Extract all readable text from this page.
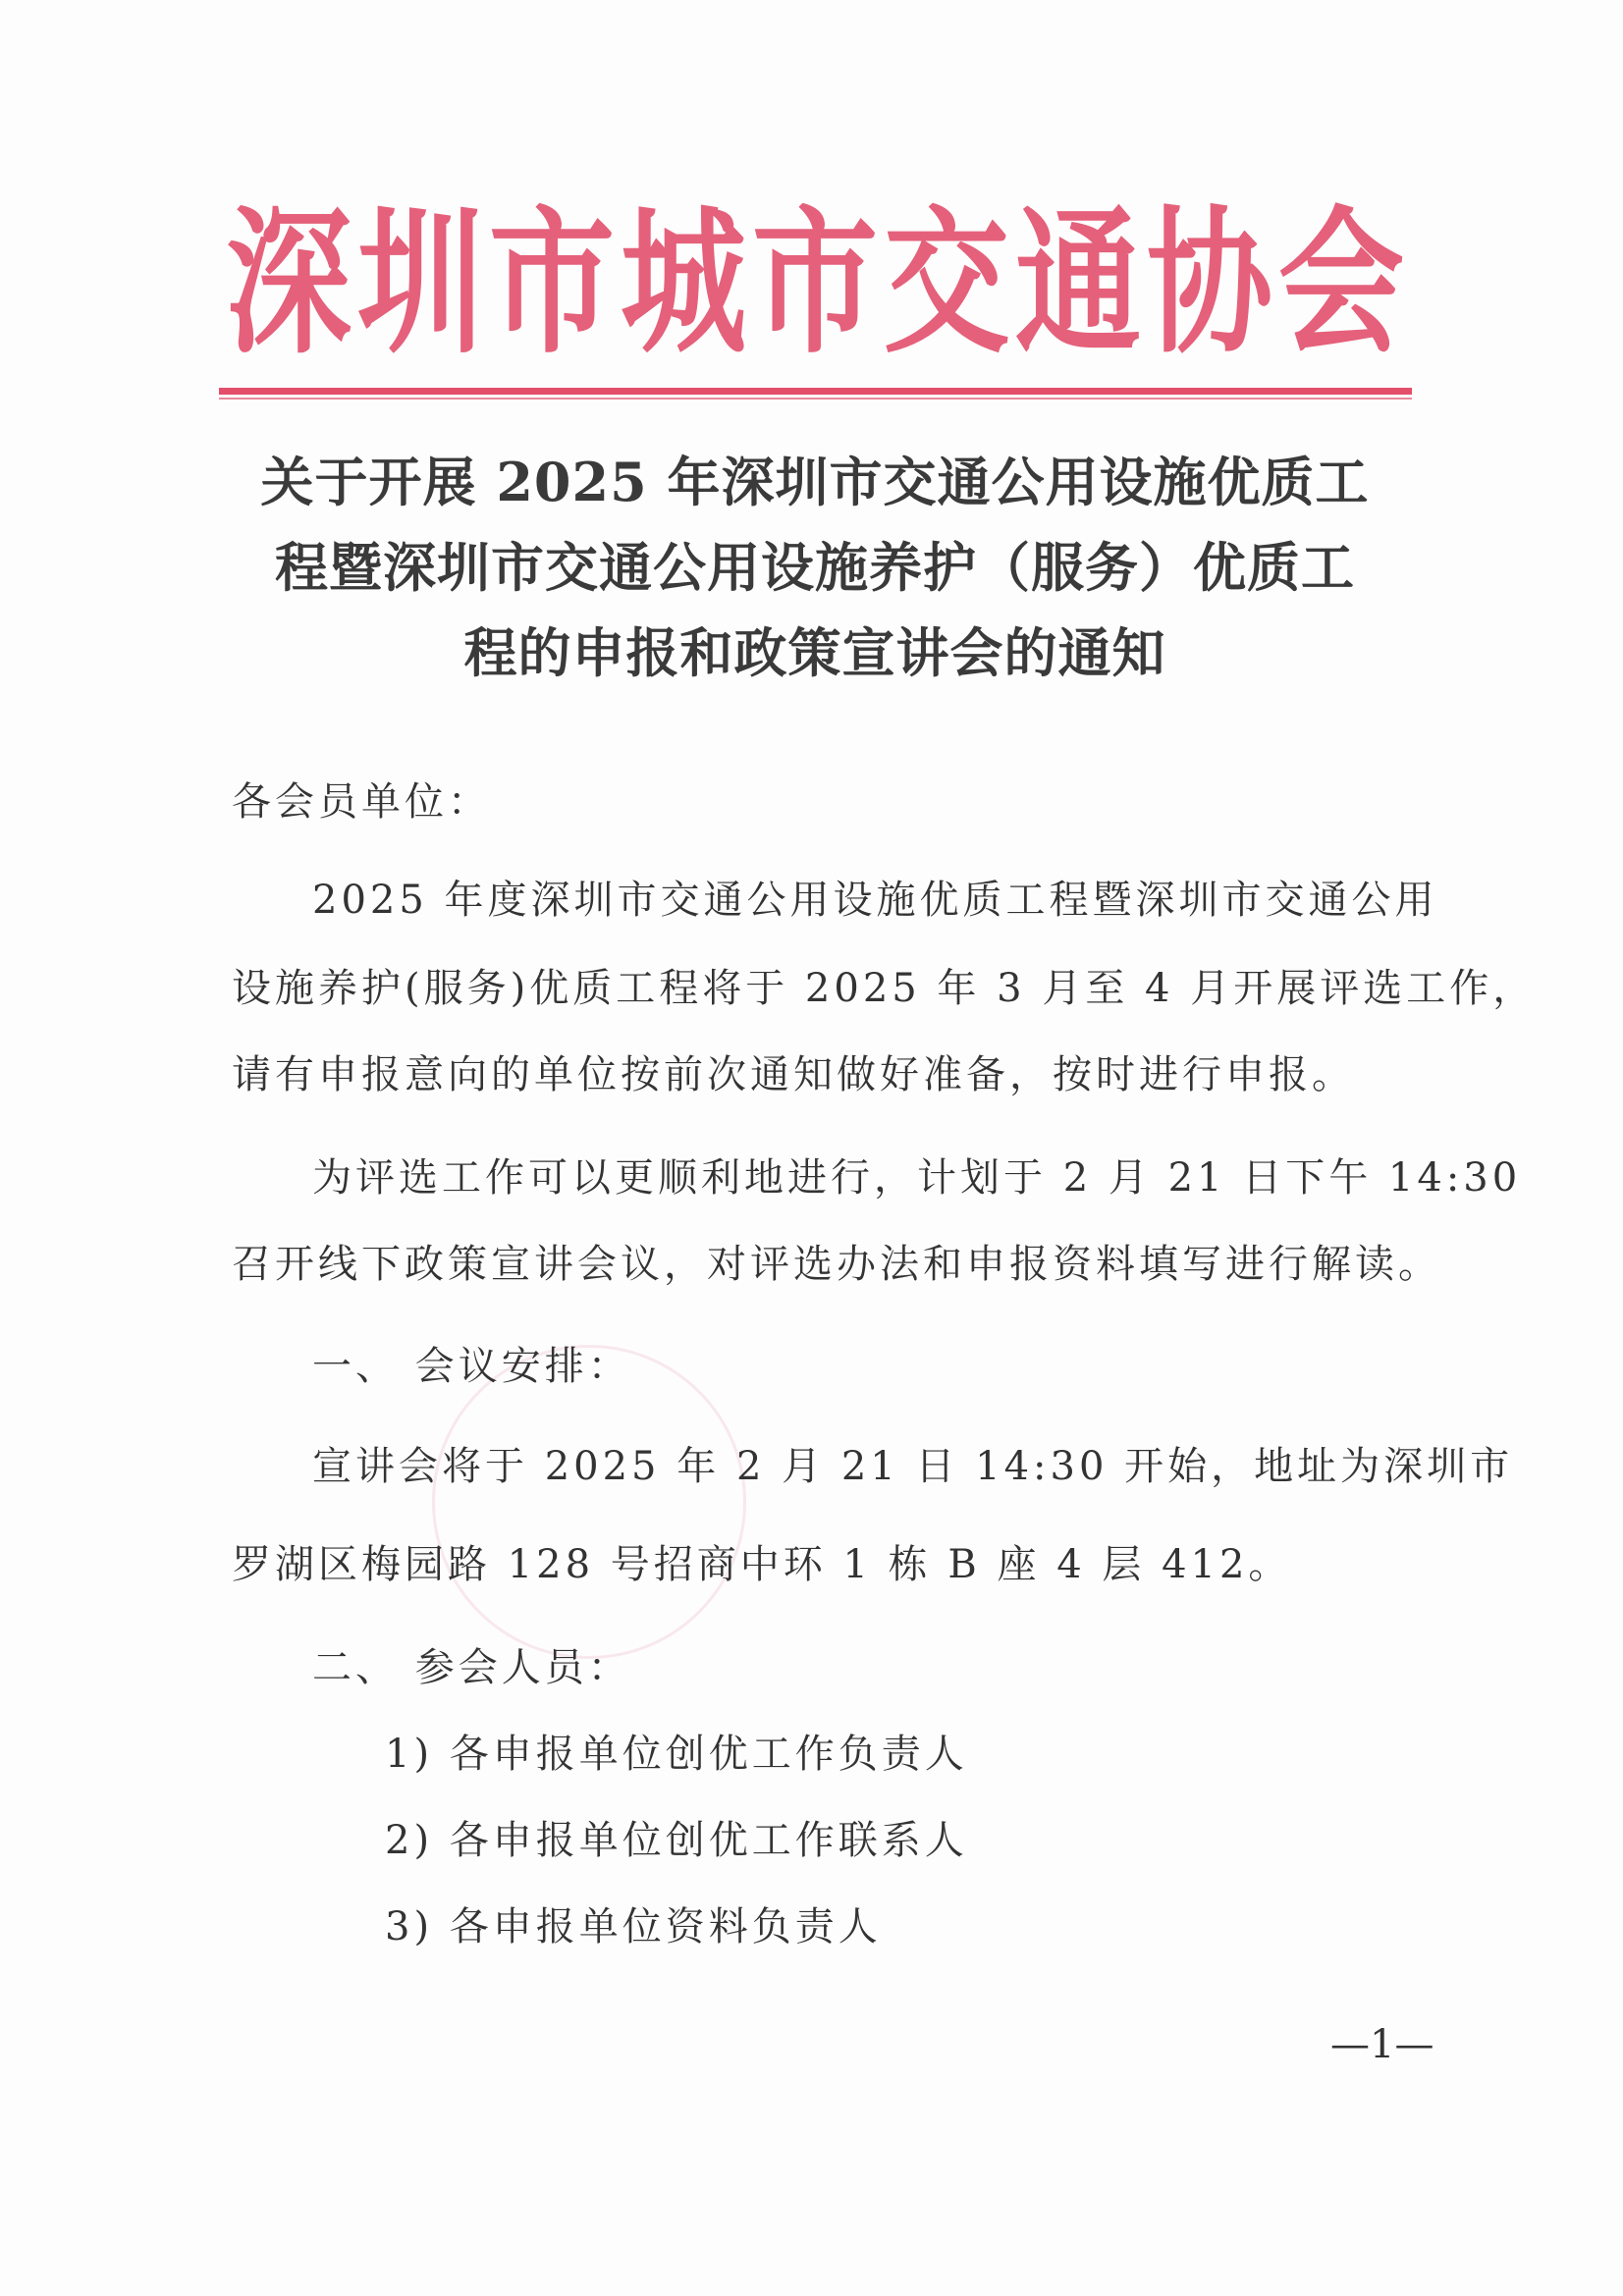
深 圳 市 城 市 交 通 协 会
关于开展 2025 年深圳市交通公用设施优质工
程暨深圳市交通公用设施养护（服务）优质工
程的申报和政策宣讲会的通知
各会员单位：
2025 年度深圳市交通公用设施优质工程暨深圳市交通公用
设施养护(服务)优质工程将于 2025 年 3 月至 4 月开展评选工作，
请有申报意向的单位按前次通知做好准备，按时进行申报。
为评选工作可以更顺利地进行，计划于 2 月 21 日下午 14:30
召开线下政策宣讲会议，对评选办法和申报资料填写进行解读。
一、 会议安排：
宣讲会将于 2025 年 2 月 21 日 14:30 开始，地址为深圳市
罗湖区梅园路 128 号招商中环 1 栋 B 座 4 层 412。
二、 参会人员：
1) 各申报单位创优工作负责人
2) 各申报单位创优工作联系人
3) 各申报单位资料负责人
—1—
